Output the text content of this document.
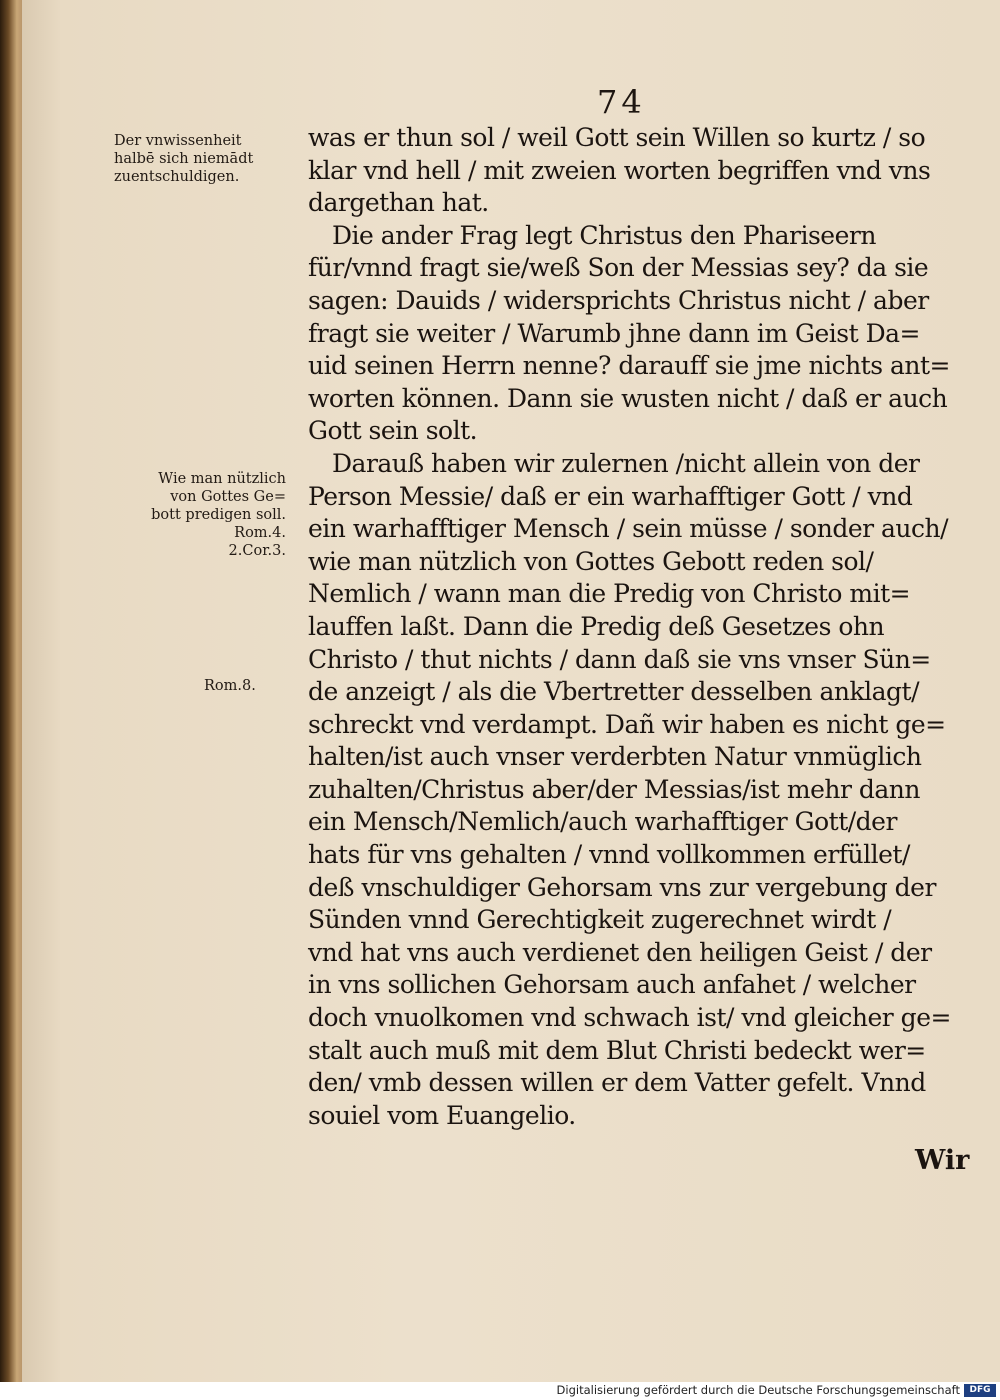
74
Der vnwissenheit
halbē sich niemādt
zuentschuldigen.
Wie man nützlich
von Gottes Ge=
bott predigen soll.
Rom.4.
2.Cor.3.
Rom.8.
was er thun sol / weil Gott sein Willen so kurtz / so
klar vnd hell / mit zweien worten begriffen vnd vns
dargethan hat.
Die ander Frag legt Christus den Phariseern
für/vnnd fragt sie/weß Son der Messias sey? da sie
sagen: Dauids / widersprichts Christus nicht / aber
fragt sie weiter / Warumb jhne dann im Geist Da=
uid seinen Herrn nenne? darauff sie jme nichts ant=
worten können. Dann sie wusten nicht / daß er auch
Gott sein solt.
Darauß haben wir zulernen /nicht allein von der
Person Messie/ daß er ein warhafftiger Gott / vnd
ein warhafftiger Mensch / sein müsse / sonder auch/
wie man nützlich von Gottes Gebott reden sol/
Nemlich / wann man die Predig von Christo mit=
lauffen laßt. Dann die Predig deß Gesetzes ohn
Christo / thut nichts / dann daß sie vns vnser Sün=
de anzeigt / als die Vbertretter desselben anklagt/
schreckt vnd verdampt. Dañ wir haben es nicht ge=
halten/ist auch vnser verderbten Natur vnmüglich
zuhalten/Christus aber/der Messias/ist mehr dann
ein Mensch/Nemlich/auch warhafftiger Gott/der
hats für vns gehalten / vnnd vollkommen erfüllet/
deß vnschuldiger Gehorsam vns zur vergebung der
Sünden vnnd Gerechtigkeit zugerechnet wirdt /
vnd hat vns auch verdienet den heiligen Geist / der
in vns sollichen Gehorsam auch anfahet / welcher
doch vnuolkomen vnd schwach ist/ vnd gleicher ge=
stalt auch muß mit dem Blut Christi bedeckt wer=
den/ vmb dessen willen er dem Vatter gefelt. Vnnd
souiel vom Euangelio.
Wir
Digitalisierung gefördert durch die Deutsche Forschungsgemeinschaft	DFG
